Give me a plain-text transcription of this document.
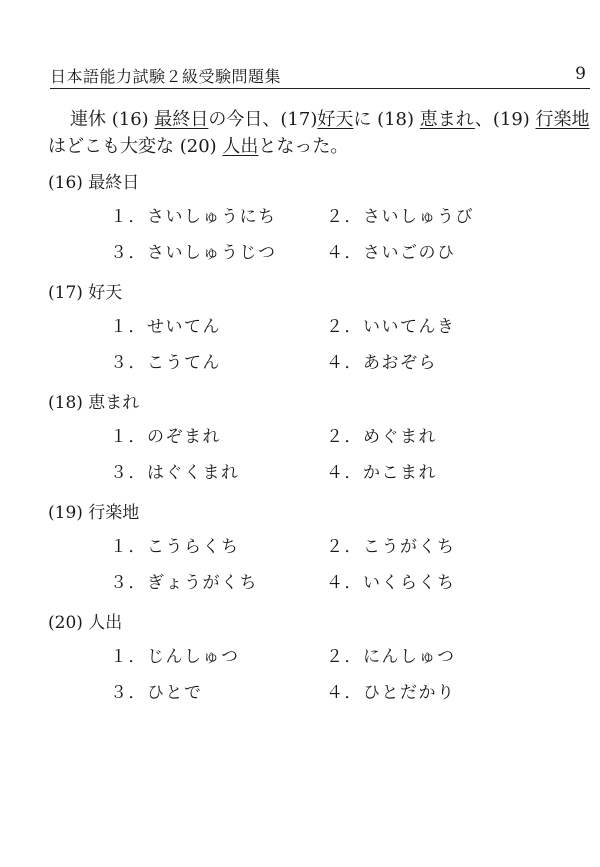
日本語能力試験２級受験問題集	9
連休 (16) 最終日の今日、(17)好天に (18) 恵まれ、(19) 行楽地
はどこも大変な (20) 人出となった。
(16) 最終日
１．さいしゅうにち	２．さいしゅうび
３．さいしゅうじつ	４．さいごのひ
(17) 好天
１．せいてん	２．いいてんき
３．こうてん	４．あおぞら
(18) 恵まれ
１．のぞまれ	２．めぐまれ
３．はぐくまれ	４．かこまれ
(19) 行楽地
１．こうらくち	２．こうがくち
３．ぎょうがくち	４．いくらくち
(20) 人出
１．じんしゅつ	２．にんしゅつ
３．ひとで	４．ひとだかり
